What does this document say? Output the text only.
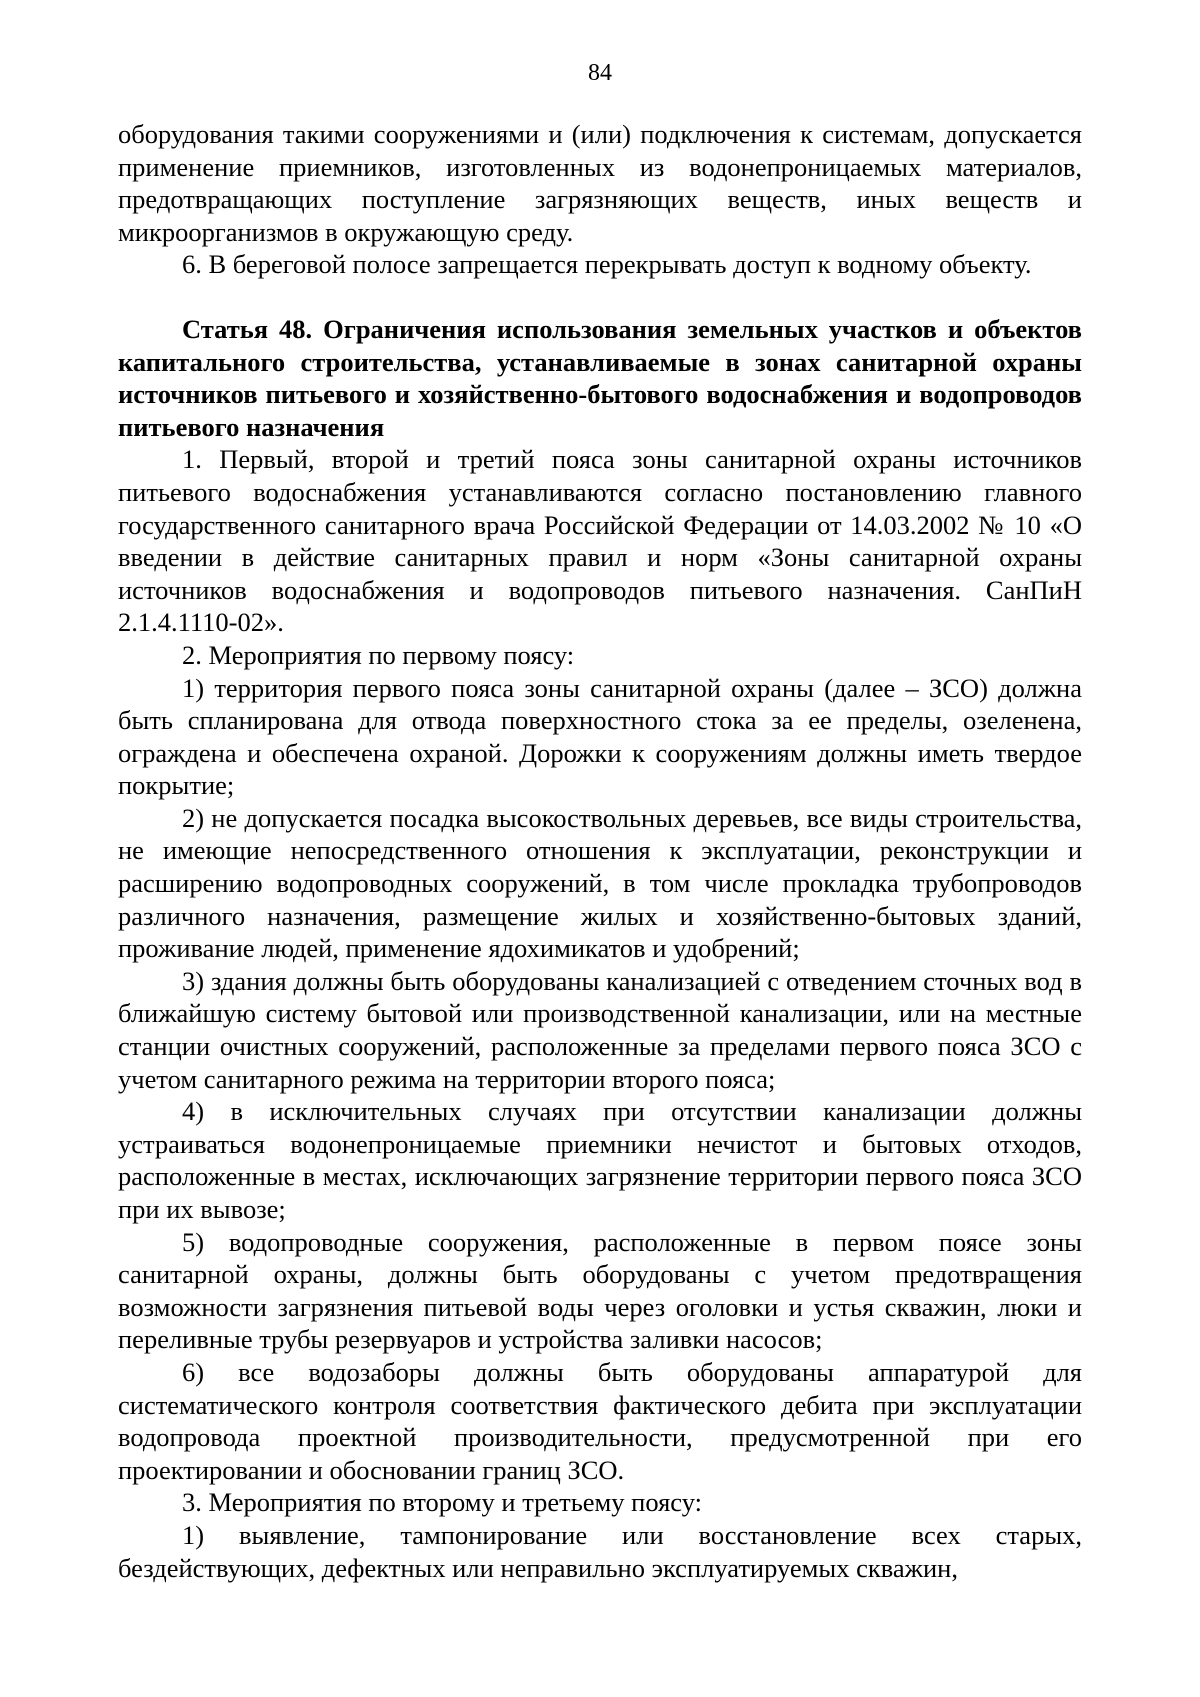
84

оборудования такими сооружениями и (или) подключения к системам, допускается применение приемников, изготовленных из водонепроницаемых материалов, предотвращающих поступление загрязняющих веществ, иных веществ и микроорганизмов в окружающую среду.

6. В береговой полосе запрещается перекрывать доступ к водному объекту.

Статья 48. Ограничения использования земельных участков и объектов капитального строительства, устанавливаемые в зонах санитарной охраны источников питьевого и хозяйственно-бытового водоснабжения и водопроводов питьевого назначения

1. Первый, второй и третий пояса зоны санитарной охраны источников питьевого водоснабжения устанавливаются согласно постановлению главного государственного санитарного врача Российской Федерации от 14.03.2002 № 10 «О введении в действие санитарных правил и норм «Зоны санитарной охраны источников водоснабжения и водопроводов питьевого назначения. СанПиН 2.1.4.1110-02».

2. Мероприятия по первому поясу:

1) территория первого пояса зоны санитарной охраны (далее – ЗСО) должна быть спланирована для отвода поверхностного стока за ее пределы, озеленена, ограждена и обеспечена охраной. Дорожки к сооружениям должны иметь твердое покрытие;

2) не допускается посадка высокоствольных деревьев, все виды строительства, не имеющие непосредственного отношения к эксплуатации, реконструкции и расширению водопроводных сооружений, в том числе прокладка трубопроводов различного назначения, размещение жилых и хозяйственно-бытовых зданий, проживание людей, применение ядохимикатов и удобрений;

3) здания должны быть оборудованы канализацией с отведением сточных вод в ближайшую систему бытовой или производственной канализации, или на местные станции очистных сооружений, расположенные за пределами первого пояса ЗСО с учетом санитарного режима на территории второго пояса;

4) в исключительных случаях при отсутствии канализации должны устраиваться водонепроницаемые приемники нечистот и бытовых отходов, расположенные в местах, исключающих загрязнение территории первого пояса ЗСО при их вывозе;

5) водопроводные сооружения, расположенные в первом поясе зоны санитарной охраны, должны быть оборудованы с учетом предотвращения возможности загрязнения питьевой воды через оголовки и устья скважин, люки и переливные трубы резервуаров и устройства заливки насосов;

6) все водозаборы должны быть оборудованы аппаратурой для систематического контроля соответствия фактического дебита при эксплуатации водопровода проектной производительности, предусмотренной при его проектировании и обосновании границ ЗСО.

3. Мероприятия по второму и третьему поясу:

1) выявление, тампонирование или восстановление всех старых, бездействующих, дефектных или неправильно эксплуатируемых скважин,
